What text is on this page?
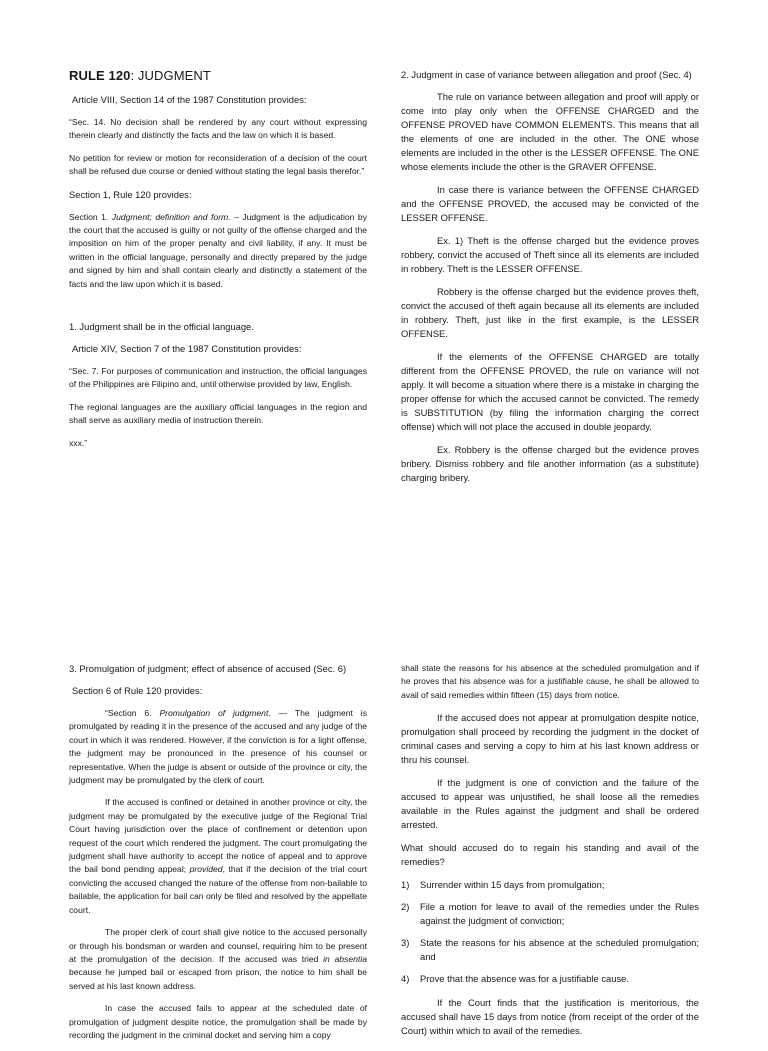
RULE 120: JUDGMENT

Article VIII, Section 14 of the 1987 Constitution provides:

“Sec. 14. No decision shall be rendered by any court without expressing therein clearly and distinctly the facts and the law on which it is based.

No petition for review or motion for reconsideration of a decision of the court shall be refused due course or denied without stating the legal basis therefor.”

Section 1, Rule 120 provides:

Section 1. Judgment; definition and form. – Judgment is the adjudication by the court that the accused is guilty or not guilty of the offense charged and the imposition on him of the proper penalty and civil liability, if any. It must be written in the official language, personally and directly prepared by the judge and signed by him and shall contain clearly and distinctly a statement of the facts and the law upon which it is based.

1. Judgment shall be in the official language.

Article XIV, Section 7 of the 1987 Constitution provides:

“Sec. 7. For purposes of communication and instruction, the official languages of the Philippines are Filipino and, until otherwise provided by law, English.

The regional languages are the auxiliary official languages in the region and shall serve as auxiliary media of instruction therein.

xxx.”

2. Judgment in case of variance between allegation and proof (Sec. 4)

The rule on variance between allegation and proof will apply or come into play only when the OFFENSE CHARGED and the OFFENSE PROVED have COMMON ELEMENTS. This means that all the elements of one are included in the other. The ONE whose elements are included in the other is the LESSER OFFENSE. The ONE whose elements include the other is the GRAVER OFFENSE.

In case there is variance between the OFFENSE CHARGED and the OFFENSE PROVED, the accused may be convicted of the LESSER OFFENSE.

Ex. 1) Theft is the offense charged but the evidence proves robbery, convict the accused of Theft since all its elements are included in robbery. Theft is the LESSER OFFENSE.

Robbery is the offense charged but the evidence proves theft, convict the accused of theft again because all its elements are included in robbery. Theft, just like in the first example, is the LESSER OFFENSE.

If the elements of the OFFENSE CHARGED are totally different from the OFFENSE PROVED, the rule on variance will not apply. It will become a situation where there is a mistake in charging the proper offense for which the accused cannot be convicted. The remedy is SUBSTITUTION (by filing the information charging the correct offense) which will not place the accused in double jeopardy.

Ex. Robbery is the offense charged but the evidence proves bribery. Dismiss robbery and file another information (as a substitute) charging bribery.

3. Promulgation of judgment; effect of absence of accused (Sec. 6)

Section 6 of Rule 120 provides:

“Section 6. Promulgation of judgment. — The judgment is promulgated by reading it in the presence of the accused and any judge of the court in which it was rendered. However, if the conviction is for a light offense, the judgment may be pronounced in the presence of his counsel or representative. When the judge is absent or outside of the province or city, the judgment may be promulgated by the clerk of court.

If the accused is confined or detained in another province or city, the judgment may be promulgated by the executive judge of the Regional Trial Court having jurisdiction over the place of confinement or detention upon request of the court which rendered the judgment. The court promulgating the judgment shall have authority to accept the notice of appeal and to approve the bail bond pending appeal; provided, that if the decision of the trial court convicting the accused changed the nature of the offense from non-bailable to bailable, the application for bail can only be filed and resolved by the appellate court.

The proper clerk of court shall give notice to the accused personally or through his bondsman or warden and counsel, requiring him to be present at the promulgation of the decision. If the accused was tried in absentia because he jumped bail or escaped from prison, the notice to him shall be served at his last known address.

In case the accused fails to appear at the scheduled date of promulgation of judgment despite notice, the promulgation shall be made by recording the judgment in the criminal docket and serving him a copy

shall state the reasons for his absence at the scheduled promulgation and if he proves that his absence was for a justifiable cause, he shall be allowed to avail of said remedies within fifteen (15) days from notice.

If the accused does not appear at promulgation despite notice, promulgation shall proceed by recording the judgment in the docket of criminal cases and serving a copy to him at his last known address or thru his counsel.

If the judgment is one of conviction and the failure of the accused to appear was unjustified, he shall loose all the remedies available in the Rules against the judgment and shall be ordered arrested.

What should accused do to regain his standing and avail of the remedies?

1)	Surrender within 15 days from promulgation;
2)	File a motion for leave to avail of the remedies under the Rules against the judgment of conviction;
3)	State the reasons for his absence at the scheduled promulgation; and
4)	Prove that the absence was for a justifiable cause.

If the Court finds that the justification is meritorious, the accused shall have 15 days from notice (from receipt of the order of the Court) within which to avail of the remedies.
